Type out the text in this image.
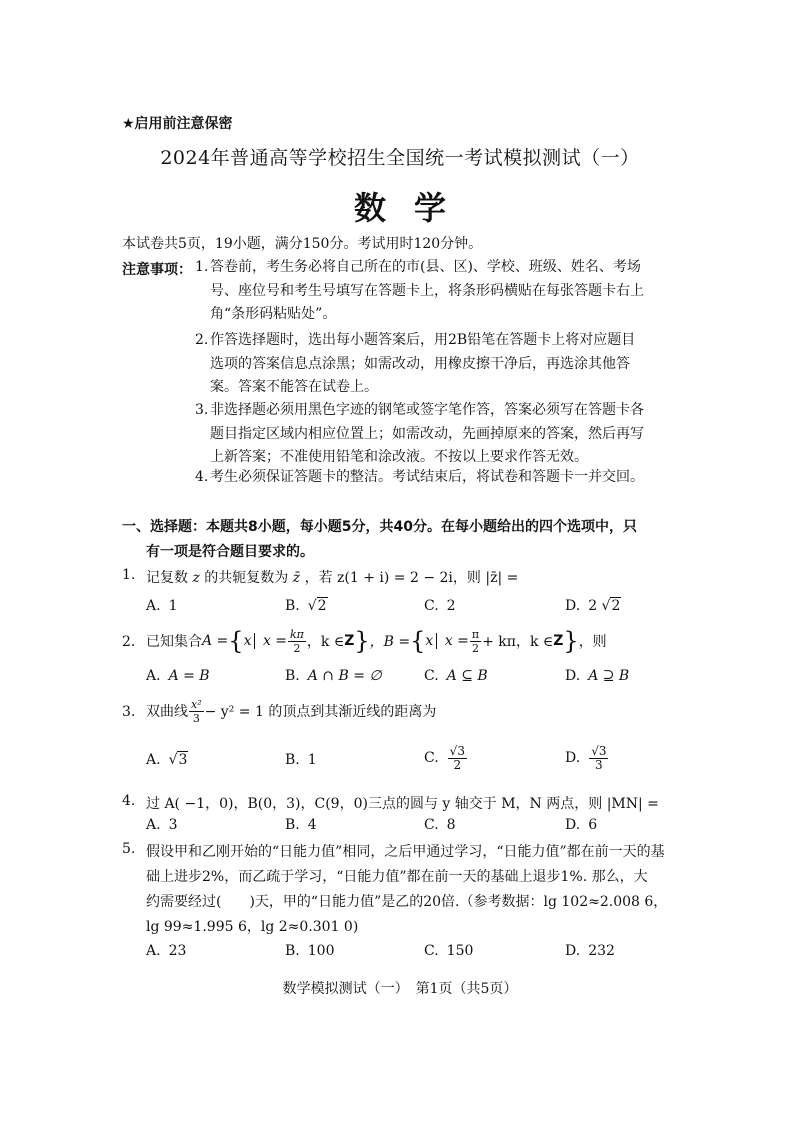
★启用前注意保密
2024年普通高等学校招生全国统一考试模拟测试（一）
数学
本试卷共5页，19小题，满分150分。考试用时120分钟。
注意事项： 1. 答卷前，考生务必将自己所在的市(县、区)、学校、班级、姓名、考场
号、座位号和考生号填写在答题卡上，将条形码横贴在每张答题卡右上
角“条形码粘贴处”。
2. 作答选择题时，选出每小题答案后，用2B铅笔在答题卡上将对应题目
选项的答案信息点涂黑；如需改动，用橡皮擦干净后，再选涂其他答
案。答案不能答在试卷上。
3. 非选择题必须用黑色字迹的钢笔或签字笔作答，答案必须写在答题卡各
题目指定区域内相应位置上；如需改动，先画掉原来的答案，然后再写
上新答案；不准使用铅笔和涂改液。不按以上要求作答无效。
4. 考生必须保证答题卡的整洁。考试结束后，将试卷和答题卡一并交回。
一、选择题：本题共8小题，每小题5分，共40分。在每小题给出的四个选项中，只
有一项是符合题目要求的。
1. 记复数 z 的共轭复数为 z̄ ，若 z(1 + i) = 2 − 2i，则 |z̄| =
A. 1	B. √2	C. 2	D. 2 √2
2. 已知集合 A = { x
$x = \frac{k\pi}{2}$ ，k ∈ Z } ，B = { x
$x = \frac{\pi}{2} + k\pi$，k ∈ Z } ，则
A. A = B	B. A ∩ B = ∅	C. A ⊆ B	D. A ⊇ B
3. 双曲线 $\frac{\text{x²}}{3} - y^2 = 1$ 的顶点到其渐近线的距离为
A. √3	B. 1	C. $\frac{√3}{2}$	D. $\frac{√3}{3}$
4. 过 A( −1，0)，B(0，3)，C(9，0)三点的圆与 y 轴交于 M，N 两点，则 |MN| =
A. 3	B. 4	C. 8	D. 6
5. 假设甲和乙刚开始的“日能力值”相同，之后甲通过学习，“日能力值”都在前一天的基
础上进步2%，而乙疏于学习，“日能力值”都在前一天的基础上退步1%. 那么，大
约需要经过(　　)天，甲的“日能力值”是乙的20倍.（参考数据：lg 102≈2.008 6，
lg 99≈1.995 6，lg 2≈0.301 0)
A. 23	B. 100	C. 150	D. 232
数学模拟测试（一）　第1页（共5页）
